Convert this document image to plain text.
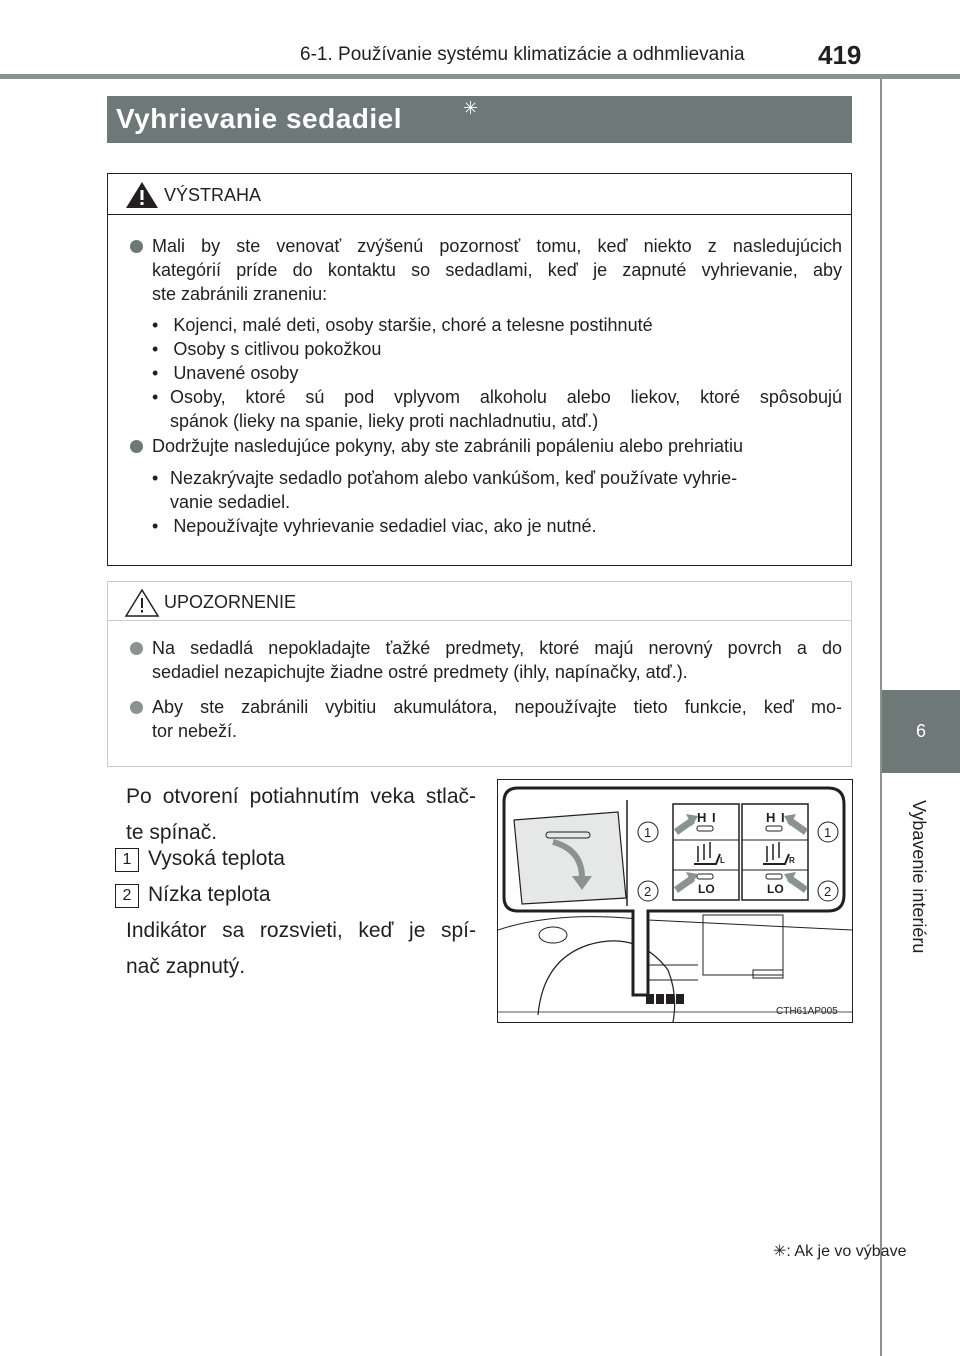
6-1. Používanie systému klimatizácie a odhmlievania	419
6
Vybavenie interiéru
Vyhrievanie sedadiel	✳
VÝSTRAHA
Mali by ste venovať zvýšenú pozornosť tomu, keď niekto z nasledujúcich
kategórií príde do kontaktu so sedadlami, keď je zapnuté vyhrievanie, aby
ste zabránili zraneniu:
•   Kojenci, malé deti, osoby staršie, choré a telesne postihnuté
•   Osoby s citlivou pokožkou
•   Unavené osoby
• Osoby, ktoré sú pod vplyvom alkoholu alebo liekov, ktoré spôsobujú
spánok (lieky na spanie, lieky proti nachladnutiu, atď.)
Dodržujte nasledujúce pokyny, aby ste zabránili popáleniu alebo prehriatiu
• Nezakrývajte sedadlo poťahom alebo vankúšom, keď používate vyhrie-
vanie sedadiel.
•   Nepoužívajte vyhrievanie sedadiel viac, ako je nutné.
UPOZORNENIE
Na sedadlá nepokladajte ťažké predmety, ktoré majú nerovný povrch a do
sedadiel nezapichujte žiadne ostré predmety (ihly, napínačky, atď.).
Aby ste zabránili vybitiu akumulátora, nepoužívajte tieto funkcie, keď mo-
tor nebeží.
Po otvorení potiahnutím veka stlač-
te spínač.
1 Vysoká teplota
2 Nízka teplota
Indikátor sa rozsvieti, keď je spí-
nač zapnutý.
H I	H I
LO	LO
L	R
1
2
1
2
CTH61AP005
✳: Ak je vo výbave
